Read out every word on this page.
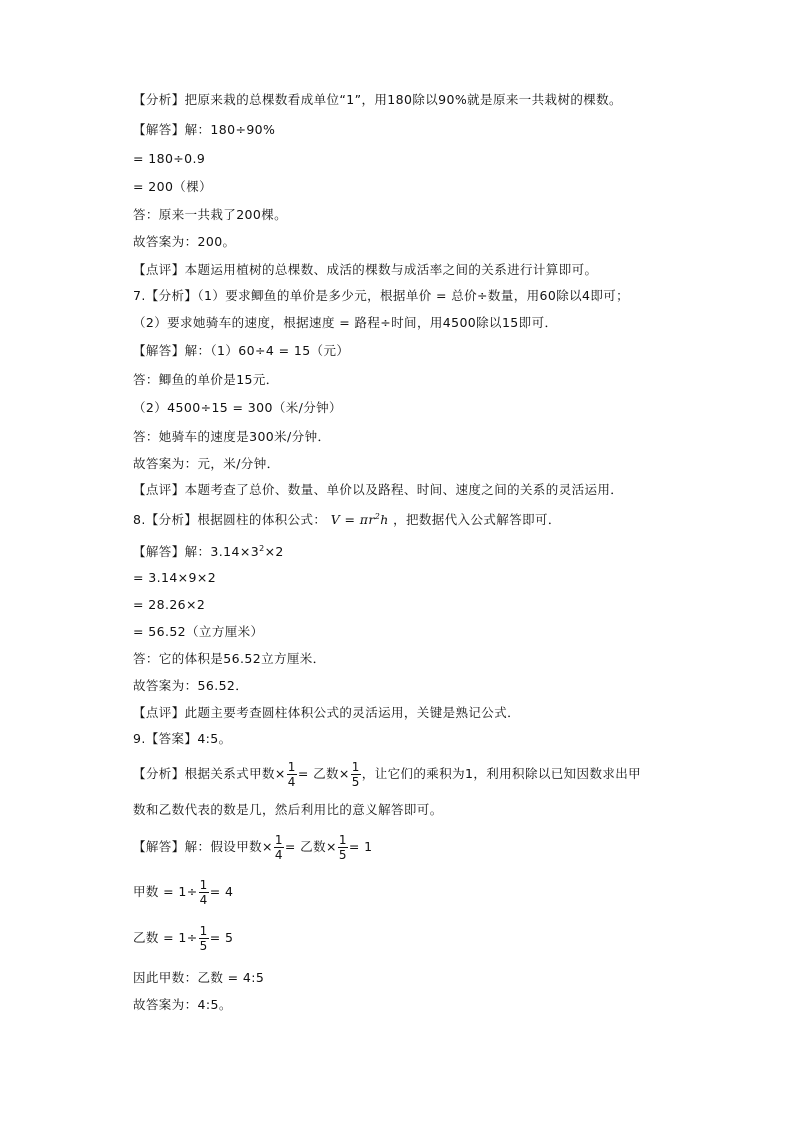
【分析】把原来栽的总棵数看成单位“1”，用180除以90%就是原来一共栽树的棵数。
【解答】解：180÷90%
= 180÷0.9
= 200（棵）
答：原来一共栽了200棵。
故答案为：200。
【点评】本题运用植树的总棵数、成活的棵数与成活率之间的关系进行计算即可。
7.【分析】（1）要求鲫鱼的单价是多少元，根据单价 = 总价÷数量，用60除以4即可；
（2）要求她骑车的速度，根据速度 = 路程÷时间，用4500除以15即可．
【解答】解：（1）60÷4 = 15（元）
答：鲫鱼的单价是15元．
（2）4500÷15 = 300（米/分钟）
答：她骑车的速度是300米/分钟．
故答案为：元，米/分钟．
【点评】本题考查了总价、数量、单价以及路程、时间、速度之间的关系的灵活运用．
8.【分析】根据圆柱的体积公式： $V = \pi r^2h$ ，把数据代入公式解答即可．
【解答】解：$3.14\times 3^2\times 2$
= 3.14×9×2
= 28.26×2
= 56.52（立方厘米）
答：它的体积是56.52立方厘米．
故答案为：56.52．
【点评】此题主要考查圆柱体积公式的灵活运用，关键是熟记公式．
9.【答案】4:5。
【分析】根据关系式甲数× $\frac{1}{4}$ = 乙数× $\frac{1}{5}$ ，让它们的乘积为1，利用积除以已知因数求出甲
数和乙数代表的数是几，然后利用比的意义解答即可。
【解答】解：假设甲数× $\frac{1}{4}$ = 乙数× $\frac{1}{5} = 1$
甲数 = $1\div \frac{1}{4} = 4$
乙数 = $1\div \frac{1}{5} = 5$
因此甲数：乙数 = 4:5
故答案为：4:5。
